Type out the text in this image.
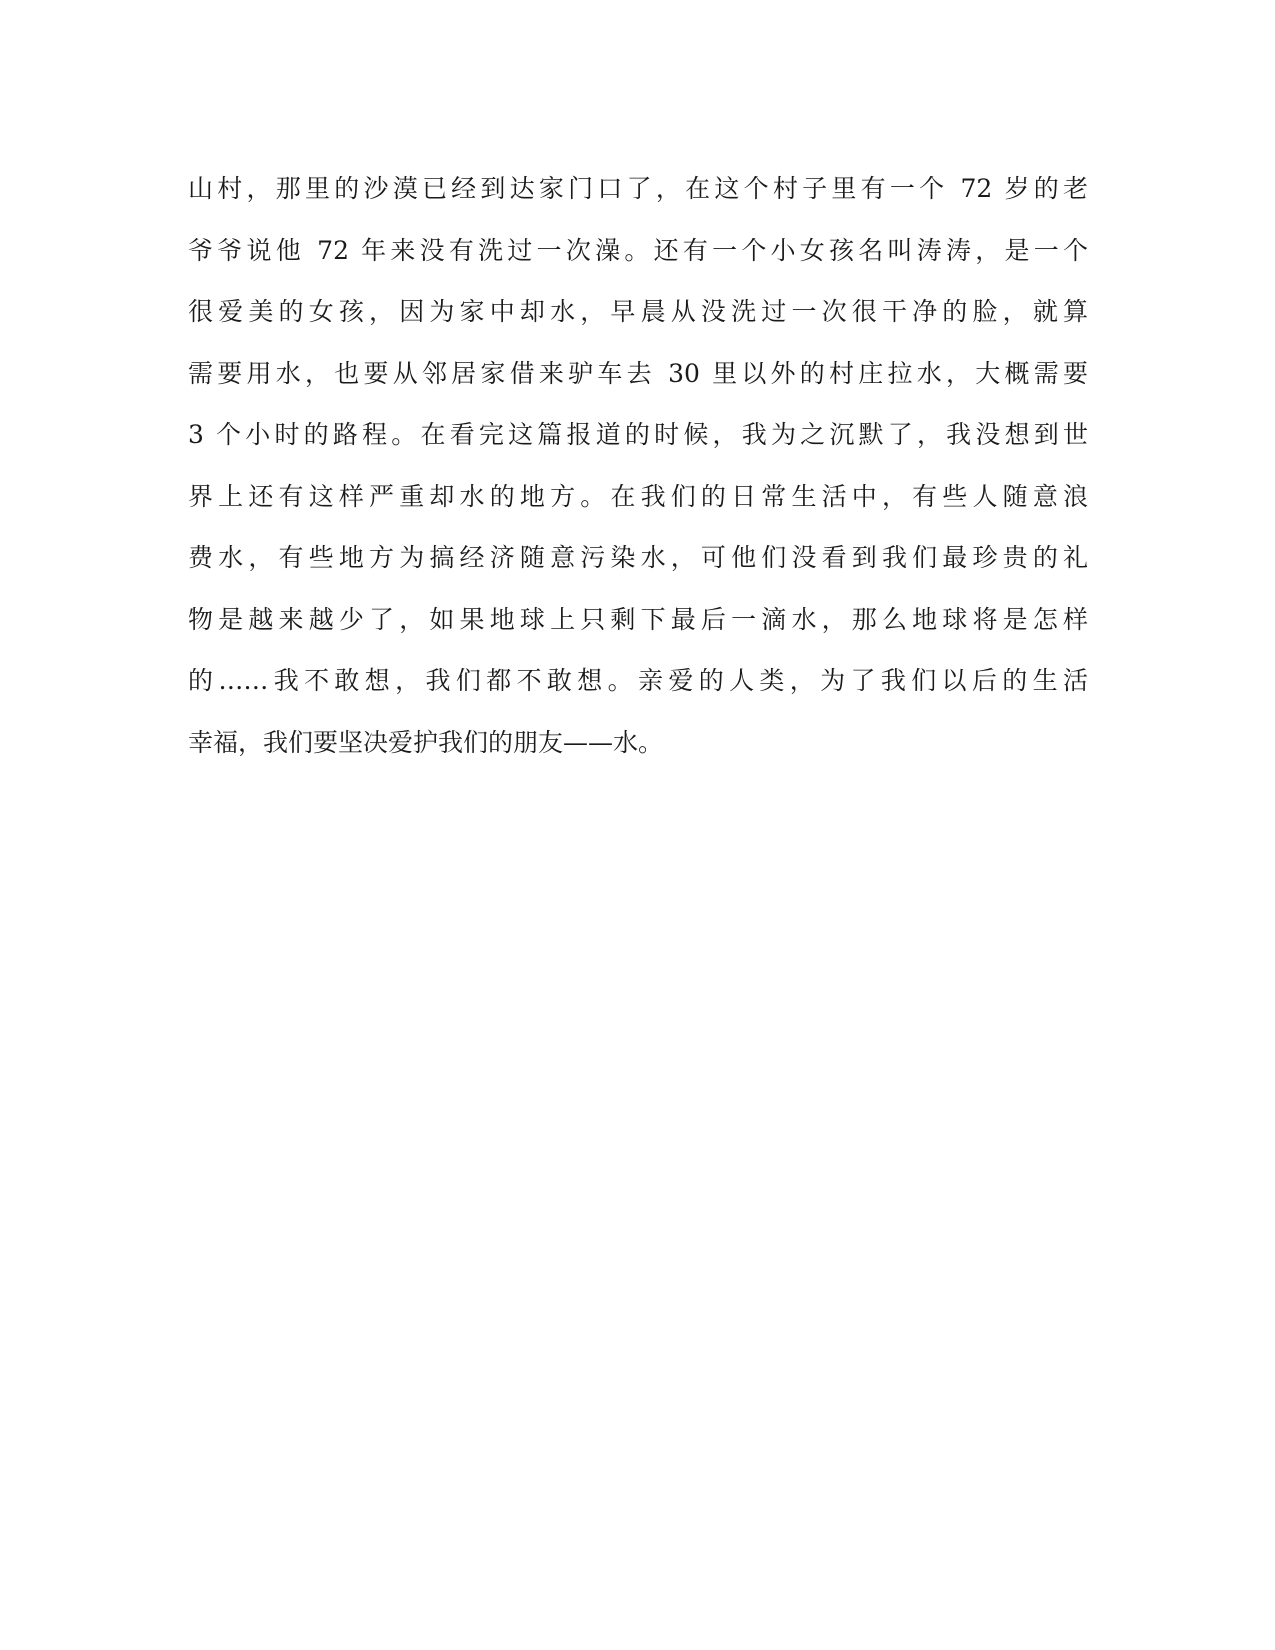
山村，那里的沙漠已经到达家门口了，在这个村子里有一个 72 岁的老
爷爷说他 72 年来没有洗过一次澡。还有一个小女孩名叫涛涛，是一个
很爱美的女孩，因为家中却水，早晨从没洗过一次很干净的脸，就算
需要用水，也要从邻居家借来驴车去 30 里以外的村庄拉水，大概需要
3 个小时的路程。在看完这篇报道的时候，我为之沉默了，我没想到世
界上还有这样严重却水的地方。在我们的日常生活中，有些人随意浪
费水，有些地方为搞经济随意污染水，可他们没看到我们最珍贵的礼
物是越来越少了，如果地球上只剩下最后一滴水，那么地球将是怎样
的……我不敢想，我们都不敢想。亲爱的人类，为了我们以后的生活
幸福，我们要坚决爱护我们的朋友——水。
